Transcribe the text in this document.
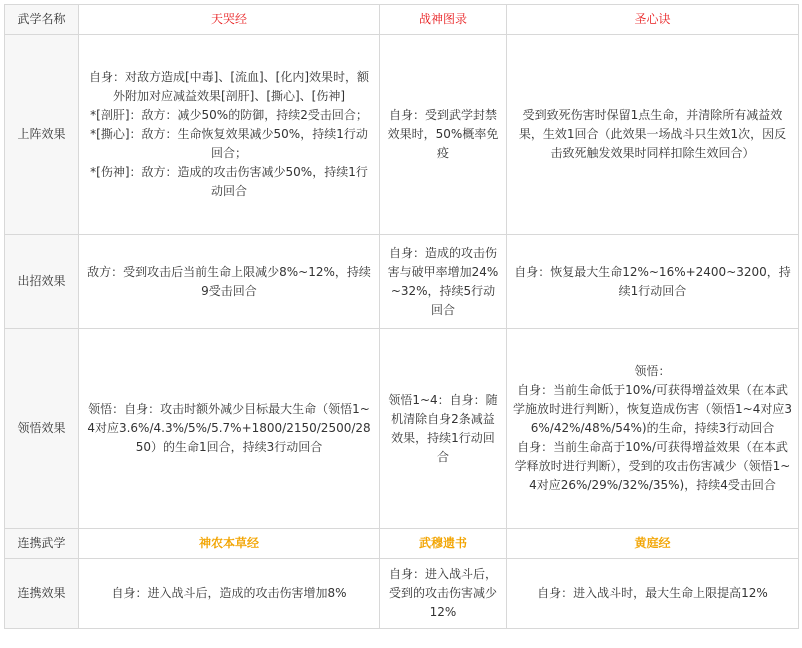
武学名称	天哭经	战神图录	圣心诀
上阵效果	自身：对敌方造成[中毒]、[流血]、[化内]效果时，额外附加对应减益效果[剖肝]、[撕心]、[伤神]
*[剖肝]：敌方：减少50%的防御，持续2受击回合；
*[撕心]：敌方：生命恢复效果减少50%，持续1行动回合；
*[伤神]：敌方：造成的攻击伤害减少50%，持续1行动回合	自身：受到武学封禁效果时，50%概率免疫	受到致死伤害时保留1点生命，并清除所有减益效果，生效1回合（此效果一场战斗只生效1次，因反击致死触发效果时同样扣除生效回合）
出招效果	敌方：受到攻击后当前生命上限减少8%~12%，持续9受击回合	自身：造成的攻击伤害与破甲率增加24%~32%，持续5行动回合	自身：恢复最大生命12%~16%+2400~3200，持续1行动回合
领悟效果	领悟：自身：攻击时额外减少目标最大生命（领悟1~4对应3.6%/4.3%/5%/5.7%+1800/2150/2500/2850）的生命1回合，持续3行动回合	领悟1~4：自身：随机清除自身2条减益效果，持续1行动回合	领悟：
自身：当前生命低于10%/可获得增益效果（在本武学施放时进行判断），恢复造成伤害（领悟1~4对应36%/42%/48%/54%)的生命，持续3行动回合
自身：当前生命高于10%/可获得增益效果（在本武学释放时进行判断），受到的攻击伤害减少（领悟1~4对应26%/29%/32%/35%)，持续4受击回合

连携武学	神农本草经	武穆遗书	黄庭经
连携效果	自身：进入战斗后，造成的攻击伤害增加8%	自身：进入战斗后，受到的攻击伤害减少12%	自身：进入战斗时，最大生命上限提高12%
